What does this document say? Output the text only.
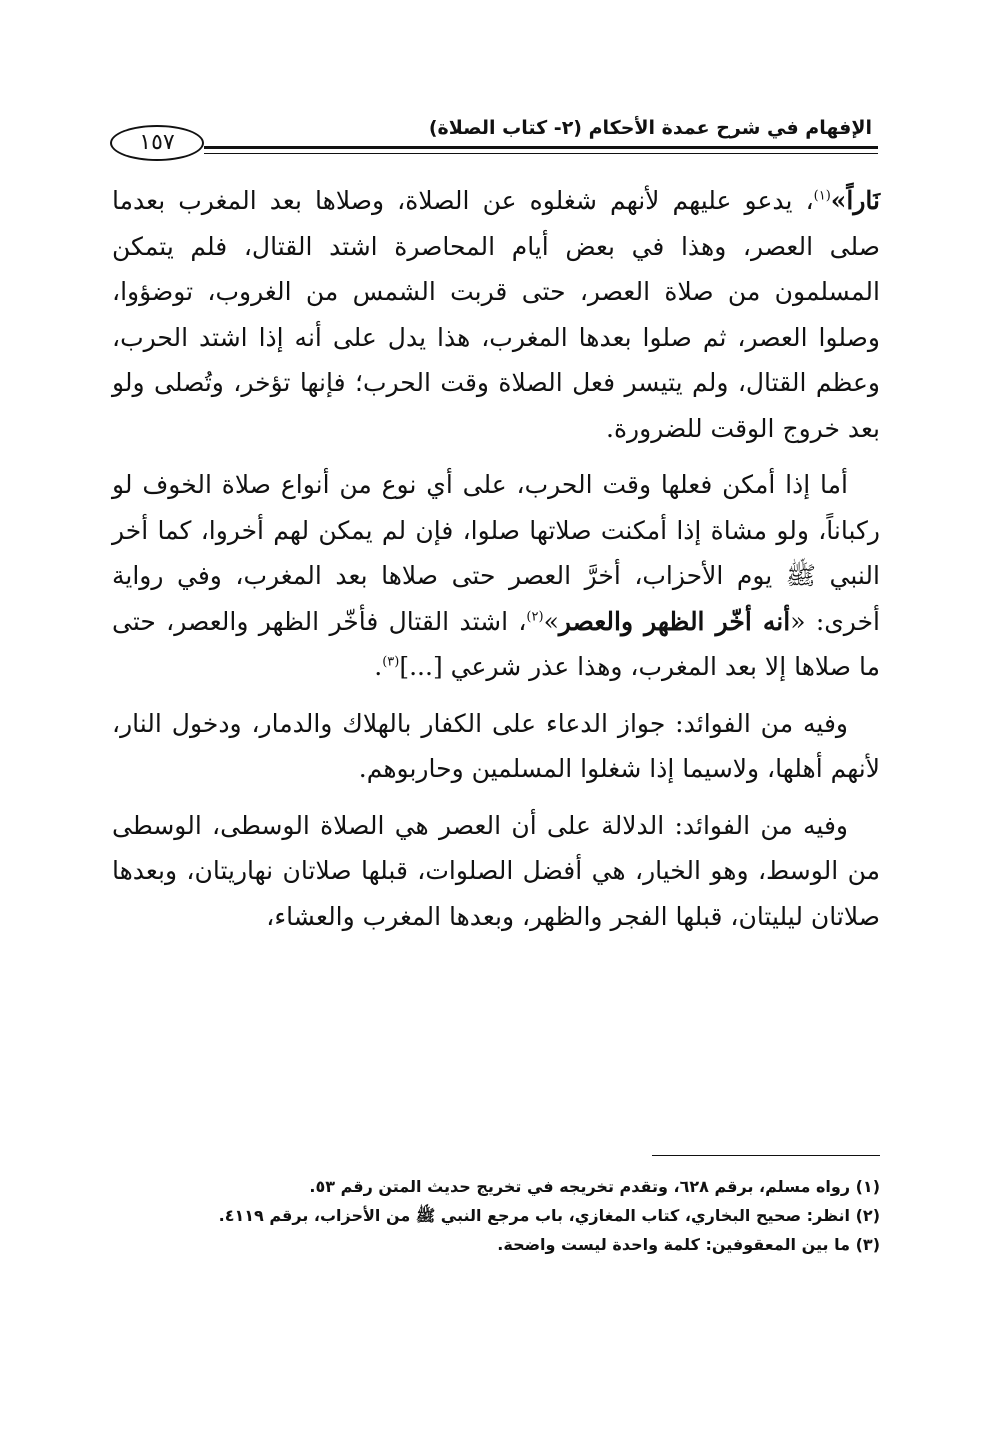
الإفهام في شرح عمدة الأحكام (٢- كتاب الصلاة)
١٥٧

نَاراً»$^{(١)}$، يدعو عليهم لأنهم شغلوه عن الصلاة، وصلاها بعد المغرب بعدما صلى العصر، وهذا في بعض أيام المحاصرة اشتد القتال، فلم يتمكن المسلمون من صلاة العصر، حتى قربت الشمس من الغروب، توضؤوا، وصلوا العصر، ثم صلوا بعدها المغرب، هذا يدل على أنه إذا اشتد الحرب، وعظم القتال، ولم يتيسر فعل الصلاة وقت الحرب؛ فإنها تؤخر، وتُصلى ولو بعد خروج الوقت للضرورة.

أما إذا أمكن فعلها وقت الحرب، على أي نوع من أنواع صلاة الخوف لو ركباناً، ولو مشاة إذا أمكنت صلاتها صلوا، فإن لم يمكن لهم أخروا، كما أخر النبي ﷺ يوم الأحزاب، أخرَّ العصر حتى صلاها بعد المغرب، وفي رواية أخرى: «أنه أخّر الظهر والعصر»$^{(٢)}$، اشتد القتال فأخّر الظهر والعصر، حتى ما صلاها إلا بعد المغرب، وهذا عذر شرعي [...]$^{(٣)}$.

وفيه من الفوائد: جواز الدعاء على الكفار بالهلاك والدمار، ودخول النار، لأنهم أهلها، ولاسيما إذا شغلوا المسلمين وحاربوهم.

وفيه من الفوائد: الدلالة على أن العصر هي الصلاة الوسطى، الوسطى من الوسط، وهو الخيار، هي أفضل الصلوات، قبلها صلاتان نهاريتان، وبعدها صلاتان ليليتان، قبلها الفجر والظهر، وبعدها المغرب والعشاء،

(١) رواه مسلم، برقم ٦٢٨، وتقدم تخريجه في تخريج حديث المتن رقم ٥٣.

(٢) انظر: صحيح البخاري، كتاب المغازي، باب مرجع النبي ﷺ من الأحزاب، برقم ٤١١٩.

(٣) ما بين المعقوفين: كلمة واحدة ليست واضحة.
